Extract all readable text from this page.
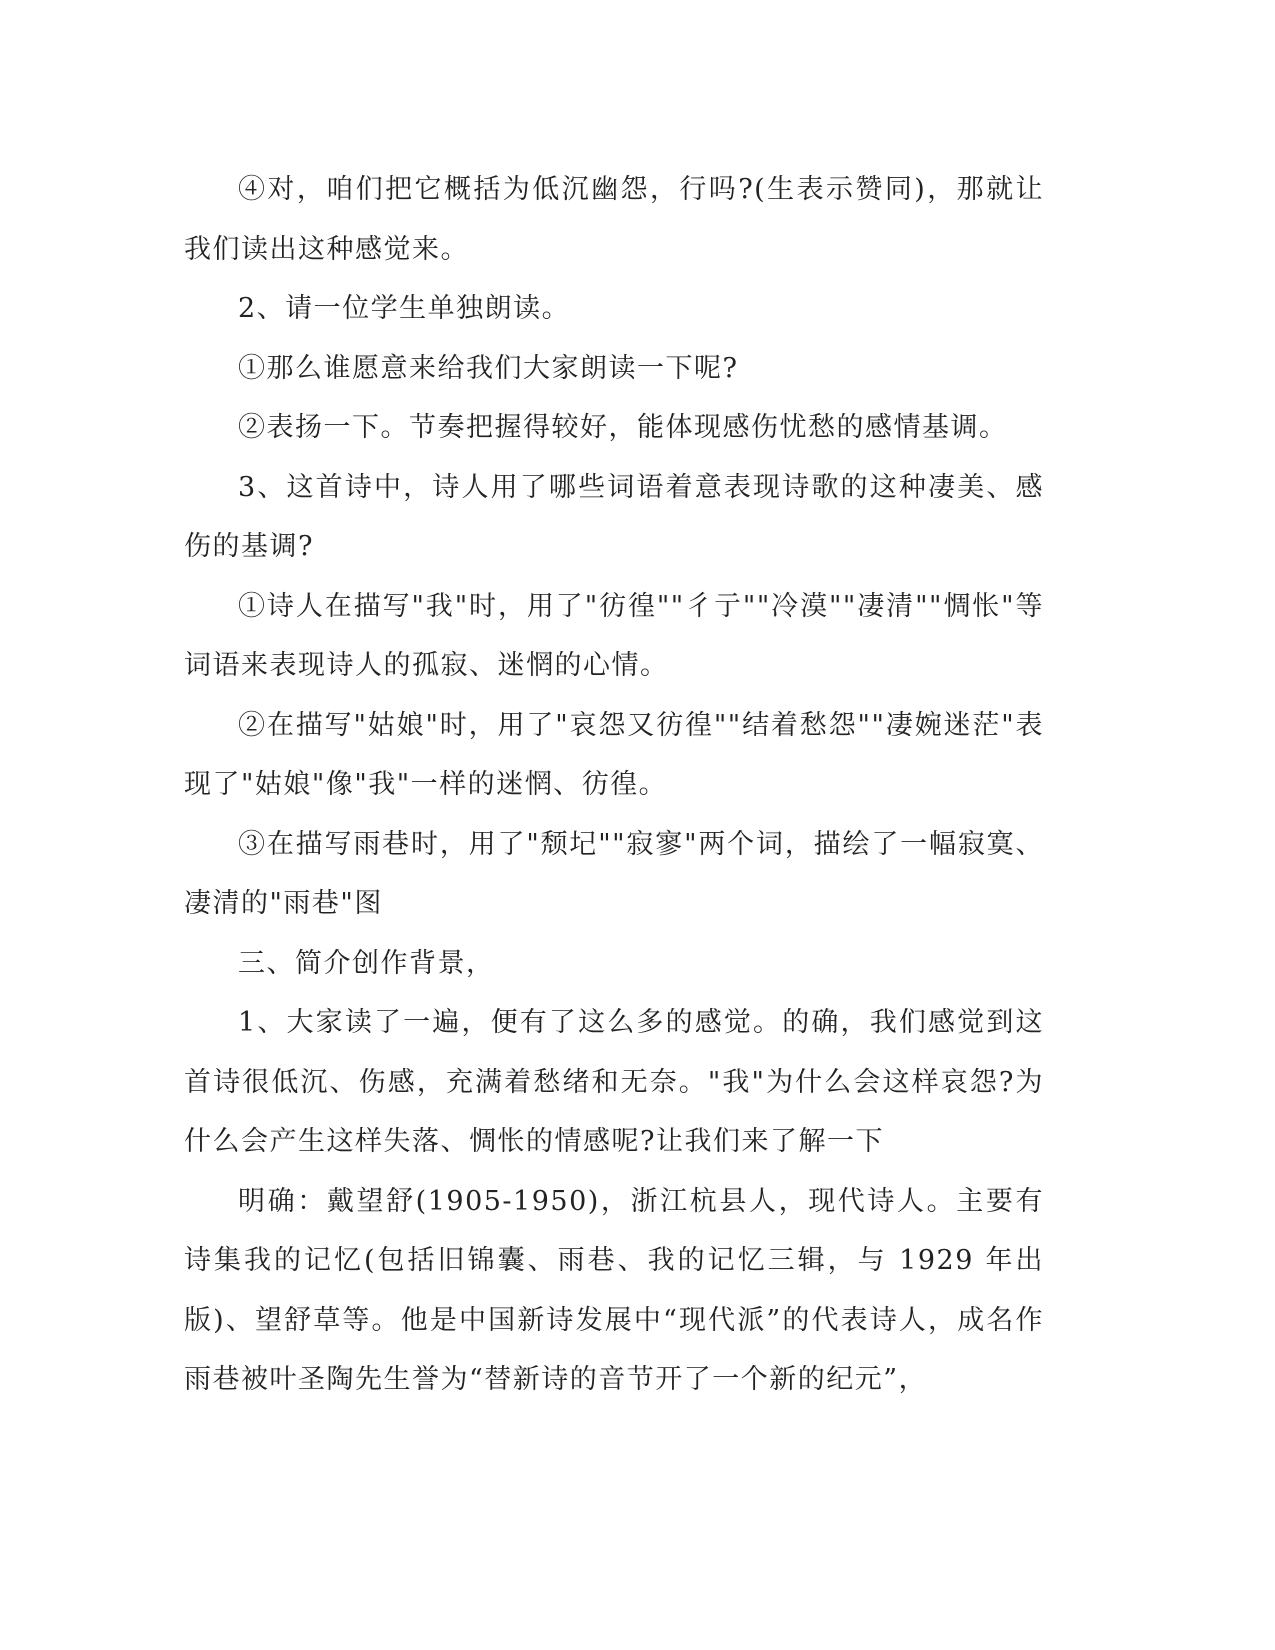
④对，咱们把它概括为低沉幽怨，行吗?(生表示赞同)，那就让我们读出这种感觉来。

2、请一位学生单独朗读。

①那么谁愿意来给我们大家朗读一下呢?

②表扬一下。节奏把握得较好，能体现感伤忧愁的感情基调。

3、这首诗中，诗人用了哪些词语着意表现诗歌的这种凄美、感伤的基调?

①诗人在描写"我"时，用了"彷徨""彳亍""冷漠""凄清""惆怅"等词语来表现诗人的孤寂、迷惘的心情。

②在描写"姑娘"时，用了"哀怨又彷徨""结着愁怨""凄婉迷茫"表现了"姑娘"像"我"一样的迷惘、彷徨。

③在描写雨巷时，用了"颓圮""寂寥"两个词，描绘了一幅寂寞、凄清的"雨巷"图

三、简介创作背景，

1、大家读了一遍，便有了这么多的感觉。的确，我们感觉到这首诗很低沉、伤感，充满着愁绪和无奈。"我"为什么会这样哀怨?为什么会产生这样失落、惆怅的情感呢?让我们来了解一下

明确：戴望舒(1905-1950)，浙江杭县人，现代诗人。主要有诗集我的记忆(包括旧锦囊、雨巷、我的记忆三辑，与 1929 年出版)、望舒草等。他是中国新诗发展中“现代派”的代表诗人，成名作雨巷被叶圣陶先生誉为“替新诗的音节开了一个新的纪元”，
